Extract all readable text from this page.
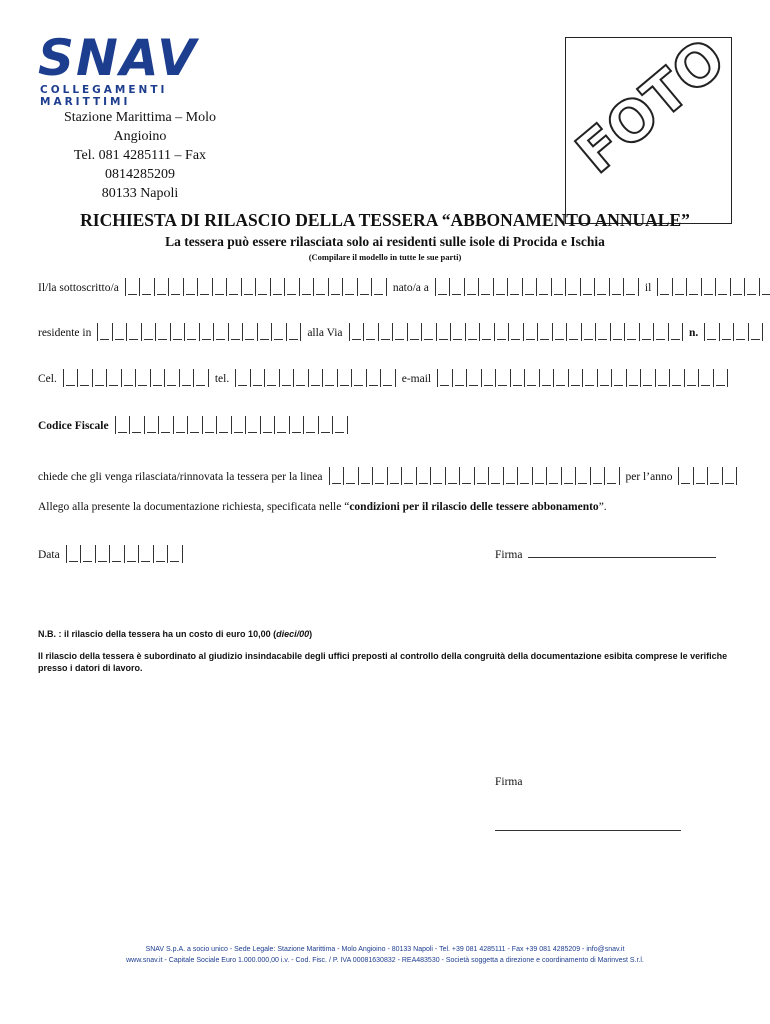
SNAV
COLLEGAMENTI MARITTIMI
Stazione Marittima – Molo Angioino
Tel. 081 4285111 – Fax 0814285209
80133 Napoli
FOTO
RICHIESTA DI RILASCIO DELLA TESSERA “ABBONAMENTO ANNUALE”
La tessera può essere rilasciata solo ai residenti sulle isole di Procida e Ischia
(Compilare il modello in tutte le sue parti)
Il/la sottoscritto/a	nato/a a	il
residente in	alla Via	n.
Cel.	tel.	e-mail
Codice Fiscale
chiede che gli venga rilasciata/rinnovata la tessera per la linea	per l’anno
Allego alla presente la documentazione richiesta, specificata nelle “condizioni per il rilascio delle tessere abbonamento”.
Data	Firma
N.B. : il rilascio della tessera ha un costo di euro 10,00 (dieci/00)
Il rilascio della tessera è subordinato al giudizio insindacabile degli uffici preposti al controllo della congruità della documentazione esibita comprese le verifiche presso i datori di lavoro.
Firma
SNAV S.p.A. a socio unico - Sede Legale: Stazione Marittima - Molo Angioino - 80133 Napoli - Tel. +39 081 4285111 - Fax +39 081 4285209 - info@snav.it
www.snav.it - Capitale Sociale Euro 1.000.000,00 i.v. - Cod. Fisc. / P. IVA 00081630832 - REA483530 - Società soggetta a direzione e coordinamento di Marinvest S.r.l.
